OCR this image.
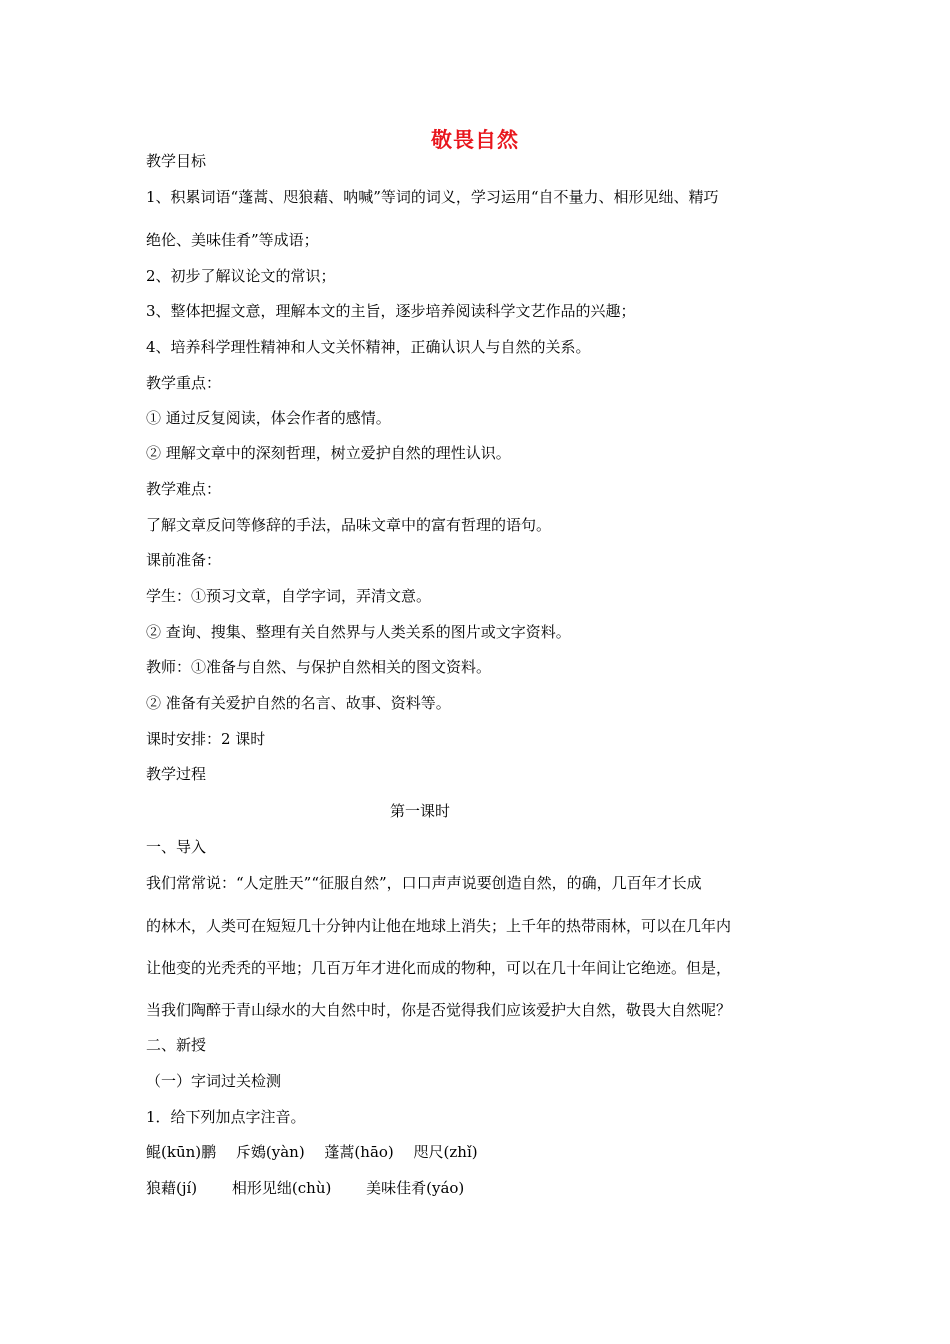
敬畏自然
教学目标
1、积累词语“蓬蒿、咫狼藉、呐喊”等词的词义，学习运用“自不量力、相形见绌、精巧
绝伦、美味佳肴”等成语；
2、初步了解议论文的常识；
3、整体把握文意，理解本文的主旨，逐步培养阅读科学文艺作品的兴趣；
4、培养科学理性精神和人文关怀精神，正确认识人与自然的关系。
教学重点：
① 通过反复阅读，体会作者的感情。
② 理解文章中的深刻哲理，树立爱护自然的理性认识。
教学难点：
了解文章反问等修辞的手法，品味文章中的富有哲理的语句。
课前准备：
学生：①预习文章，自学字词，弄清文意。
② 查询、搜集、整理有关自然界与人类关系的图片或文字资料。
教师：①准备与自然、与保护自然相关的图文资料。
② 准备有关爱护自然的名言、故事、资料等。
课时安排：2 课时
教学过程
第一课时
一、导入
我们常常说：“人定胜天”“征服自然”，口口声声说要创造自然，的确，几百年才长成
的林木，人类可在短短几十分钟内让他在地球上消失；上千年的热带雨林，可以在几年内
让他变的光秃秃的平地；几百万年才进化而成的物种，可以在几十年间让它绝迹。但是，
当我们陶醉于青山绿水的大自然中时，你是否觉得我们应该爱护大自然，敬畏大自然呢？
二、新授
（一）字词过关检测
1．给下列加点字注音。
鲲(kūn)鹏　 斥鴳(yàn)　 蓬蒿(hāo)　 咫尺(zhǐ)
狼藉(jí)　　 相形见绌(chù)　　 美味佳肴(yáo)
